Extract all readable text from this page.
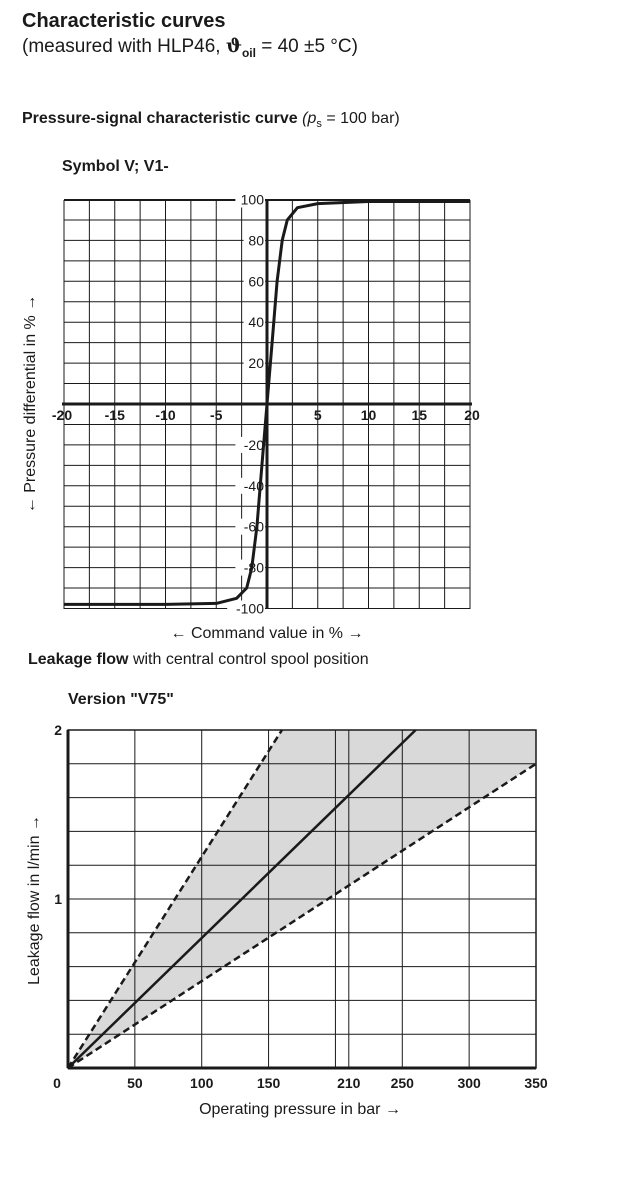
Characteristic curves
(measured with HLP46, $ϑ_{oil} = 40 \pm 5$ °C)
Pressure-signal characteristic curve ($p_s = 100$ bar)
Symbol V; V1-
Leakage flow with central control spool position
Version "V75"
-20 -15 -10 -5	5	10	15	20
100
80
60
40
20
-20
-40
-60
-80
-100
← Command value in % →
← Pressure differential in % →
0	50	100	150	210 250	300	350
2
1
Operating pressure in bar →
Leakage flow in l/min →
